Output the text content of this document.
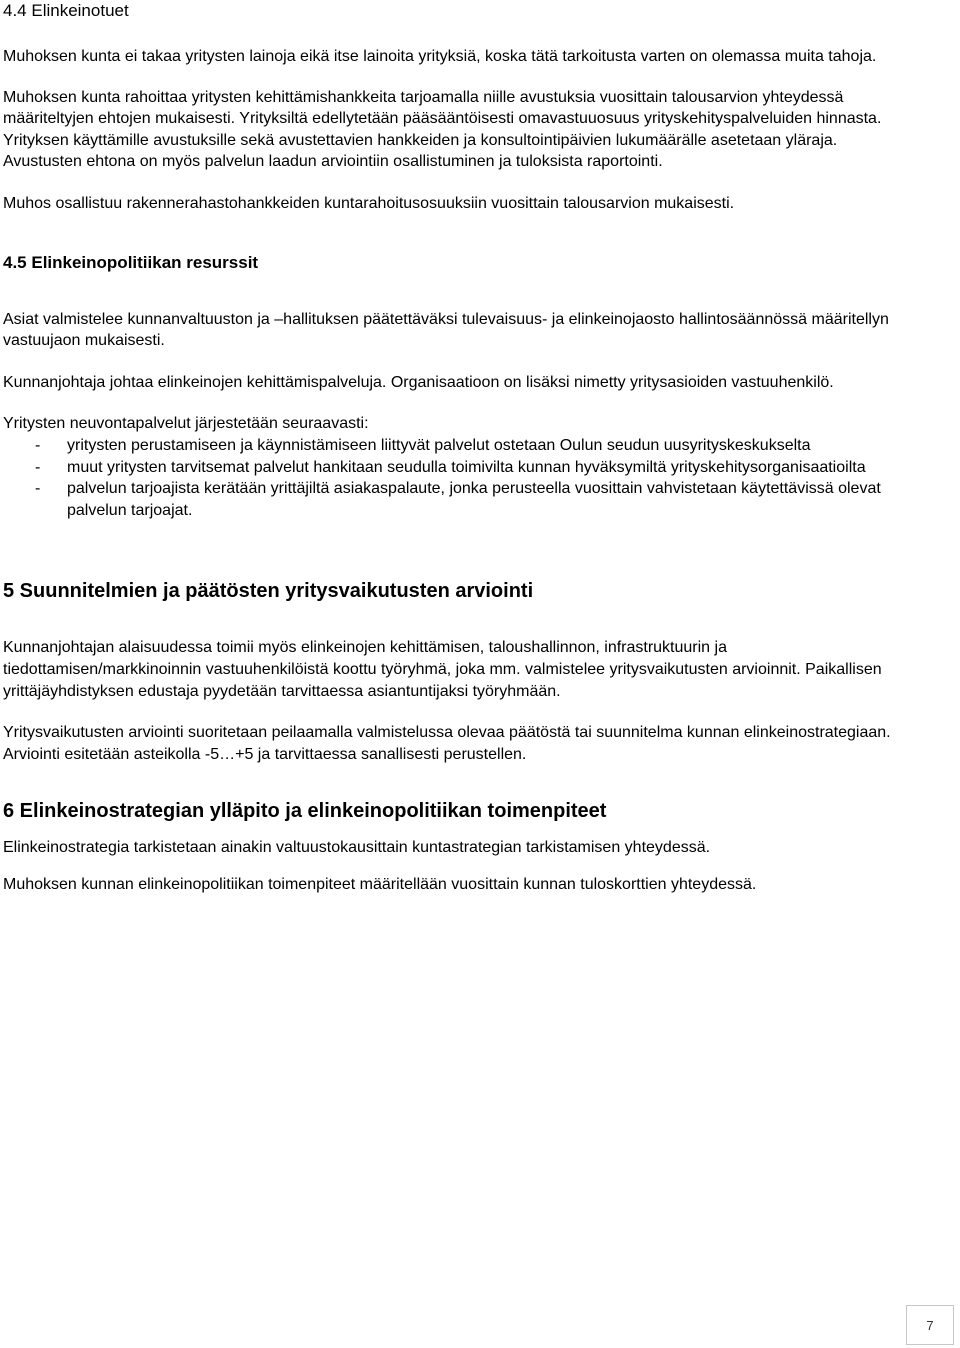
4.4 Elinkeinotuet

Muhoksen kunta ei takaa yritysten lainoja eikä itse lainoita yrityksiä, koska tätä tarkoitusta varten on olemassa muita tahoja.

Muhoksen kunta rahoittaa yritysten kehittämishankkeita tarjoamalla niille avustuksia vuosittain talousarvion yhteydessä määriteltyjen ehtojen mukaisesti. Yrityksiltä edellytetään pääsääntöisesti omavastuuosuus yrityskehityspalveluiden hinnasta. Yrityksen käyttämille avustuksille sekä avustettavien hankkeiden ja konsultointipäivien lukumäärälle asetetaan yläraja. Avustusten ehtona on myös palvelun laadun arviointiin osallistuminen ja tuloksista raportointi.

Muhos osallistuu rakennerahastohankkeiden kuntarahoitusosuuksiin vuosittain talousarvion mukaisesti.

4.5 Elinkeinopolitiikan resurssit

Asiat valmistelee kunnanvaltuuston ja –hallituksen päätettäväksi tulevaisuus- ja elinkeinojaosto hallintosäännössä määritellyn vastuujaon mukaisesti.

Kunnanjohtaja johtaa elinkeinojen kehittämispalveluja. Organisaatioon on lisäksi nimetty yritysasioiden vastuuhenkilö.

Yritysten neuvontapalvelut järjestetään seuraavasti:

- yritysten perustamiseen ja käynnistämiseen liittyvät palvelut ostetaan Oulun seudun uusyrityskeskukselta
- muut yritysten tarvitsemat palvelut hankitaan seudulla toimivilta kunnan hyväksymiltä yrityskehitysorganisaatioilta
- palvelun tarjoajista kerätään yrittäjiltä asiakaspalaute, jonka perusteella vuosittain vahvistetaan käytettävissä olevat palvelun tarjoajat.
5 Suunnitelmien ja päätösten yritysvaikutusten arviointi

Kunnanjohtajan alaisuudessa toimii myös elinkeinojen kehittämisen, taloushallinnon, infrastruktuurin ja tiedottamisen/markkinoinnin vastuuhenkilöistä koottu työryhmä, joka mm. valmistelee yritysvaikutusten arvioinnit. Paikallisen yrittäjäyhdistyksen edustaja pyydetään tarvittaessa asiantuntijaksi työryhmään.

Yritysvaikutusten arviointi suoritetaan peilaamalla valmistelussa olevaa päätöstä tai suunnitelma kunnan elinkeinostrategiaan. Arviointi esitetään asteikolla -5…+5 ja tarvittaessa sanallisesti perustellen.

6 Elinkeinostrategian ylläpito ja elinkeinopolitiikan toimenpiteet

Elinkeinostrategia tarkistetaan ainakin valtuustokausittain kuntastrategian tarkistamisen yhteydessä.

Muhoksen kunnan elinkeinopolitiikan toimenpiteet määritellään vuosittain kunnan tuloskorttien yhteydessä.

7
